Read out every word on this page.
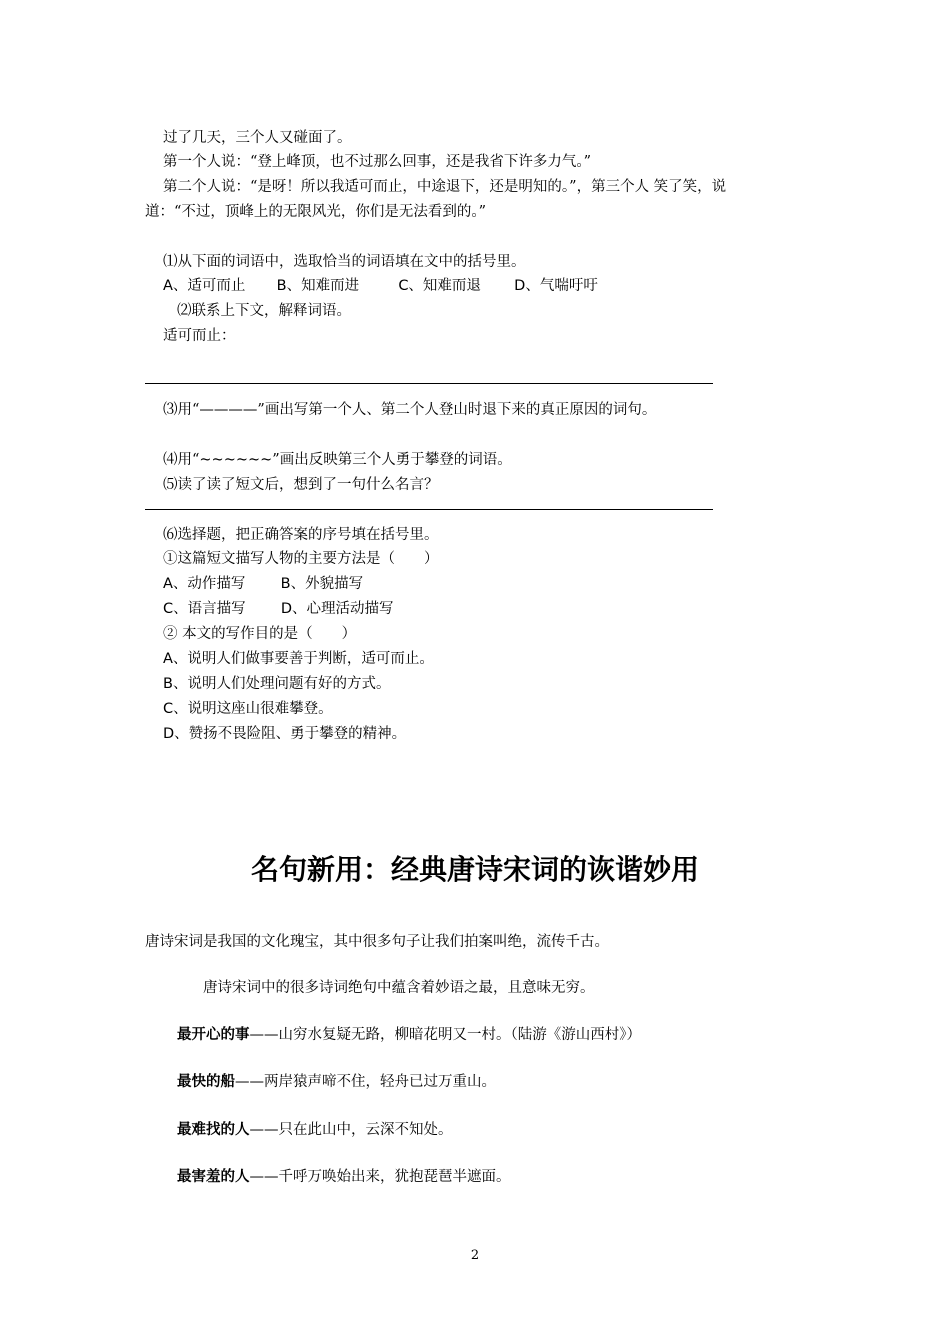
过了几天，三个人又碰面了。
第一个人说：“登上峰顶，也不过那么回事，还是我省下许多力气。”
第二个人说：“是呀！所以我适可而止，中途退下，还是明知的。”，第三个人 笑了笑，说
道：“不过，顶峰上的无限风光，你们是无法看到的。”
⑴从下面的词语中，选取恰当的词语填在文中的括号里。
A、适可而止 B、知难而进	C、知难而退 D、气喘吁吁
⑵联系上下文，解释词语。
适可而止：
⑶用“————”画出写第一个人、第二个人登山时退下来的真正原因的词句。
⑷用“~~~~~~”画出反映第三个人勇于攀登的词语。
⑸读了读了短文后，想到了一句什么名言？
⑹选择题，把正确答案的序号填在括号里。
①这篇短文描写人物的主要方法是（　　）
A、动作描写 B、外貌描写
C、语言描写 D、心理活动描写
② 本文的写作目的是（　　）
A、说明人们做事要善于判断，适可而止。
B、说明人们处理问题有好的方式。
C、说明这座山很难攀登。
D、赞扬不畏险阻、勇于攀登的精神。
名句新用：经典唐诗宋词的诙谐妙用
唐诗宋词是我国的文化瑰宝，其中很多句子让我们拍案叫绝，流传千古。
唐诗宋词中的很多诗词绝句中蕴含着妙语之最，且意味无穷。
最开心的事——山穷水复疑无路，柳暗花明又一村。（陆游《游山西村》）
最快的船——两岸猿声啼不住，轻舟已过万重山。
最难找的人——只在此山中，云深不知处。
最害羞的人——千呼万唤始出来，犹抱琵琶半遮面。
2
